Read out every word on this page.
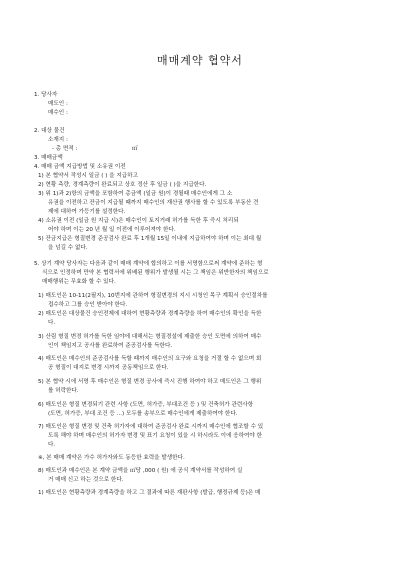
매매계약 협약서
1. 당사자
매도인 :
매수인 :
2. 대상 물건
소재지 :
- 총 면적 :	㎡
3. 매매금액
4. 매매 금액 지급방법 및 소유권 이전
1) 본 협약서 작성시 일금 ( ) 을 지급하고
2) 현황 측량, 경계측량이 완료되고 상호 정산 후 일금 ( )을 지급한다.
3) 위 1)과 2)항의 금액을 포함하여 총금액 (일금 원)이 경될때 매수인에게 그 소
유권을 이전하고 잔금이 지급될 때까지 매수인의 재산권 행사를 할 수 있도록 부동산 견
제에 대하여 가등기를 설정한다.
4) 소유권 이전 (일금 원 지급 시)은 매수인이 토지거래 허가를 득한 후 즉시 처리되
어야 하며 이는 20 년 월 일 이전에 이루어져야 한다.
5) 잔금지급은 형질변경 준공검사 완료 후 1개월 15일 이내에 지급하여야 하며 이는 최대 월
을 넘길 수 없다.
5. 상기 계약 당사자는 다음과 같이 매매 계약에 합의하고 이를 서명함으로써 계약에 준하는 형
식으로 인정하며 만약 본 협력서에 위배된 행위가 발생될 시는 그 책임은 위반한자의 책임으로
매매행위는 무효화 할 수 있다.
1) 매도인은 10-11(2필지), 10번지에 관하여 형질변경의 지시 시청인 목구 계획서 승인절차를
접수하고 그를 승인 받아야 한다.
2) 매도인은 대상물건 승인전제에 대하여 현황측량과 경계측량을 하여 매수인의 확인을 득한
다.
3) 산림 형질 변경 허가를 득한 임야에 대해서는 형질경설에 제출한 승인 도면에 의하여 매수
인이 책임지고 공사를 완료하여 준공검사를 득한다.
4) 매도인은 매수인의 준공검사를 득할 때까지 매수인의 요구와 요청을 거절 할 수 없으며 회
공 형질이 대지로 변경 시까지 공동책임으로 한다.
5) 본 협약 시에 서명 후 매수인은 형질 변경 공사에 즉시 진행 하여야 하고 매도인은 그 행위
를 허락한다.
6) 매도인은 형질 변경되기 관련 사항 (도면, 허가증, 부대조건 등 ) 및 건축허가 관련사항
(도면, 허가증, 부대 조건 등 ...) 모두를 송부으로 매수인에게 제출하여야 한다.
7) 매도인은 형질 변경 및 건축 허가자에 대하여 준공검사 완료 시까지 매수인에 협조할 수 있
도록 해야 하며 매수인의 허가자 변경 및 표기 요청이 있을 시 하시라도 이에 응하여야 한
다.
※, 본 매매 계약은 가수 허가자와도 동등한 효력을 발생한다.
8) 매도인과 매수인은 본 계약 금액을 ㎡당 ,000 ( 원) 에 공식 계약서를 작성하여 실
거 매매 신고 하는 것으로 한다.
1) 매도인은 현황측량과 경계측량을 하고 그 결과에 따른 재판사항 (발급, 행정규제 등)은 매
